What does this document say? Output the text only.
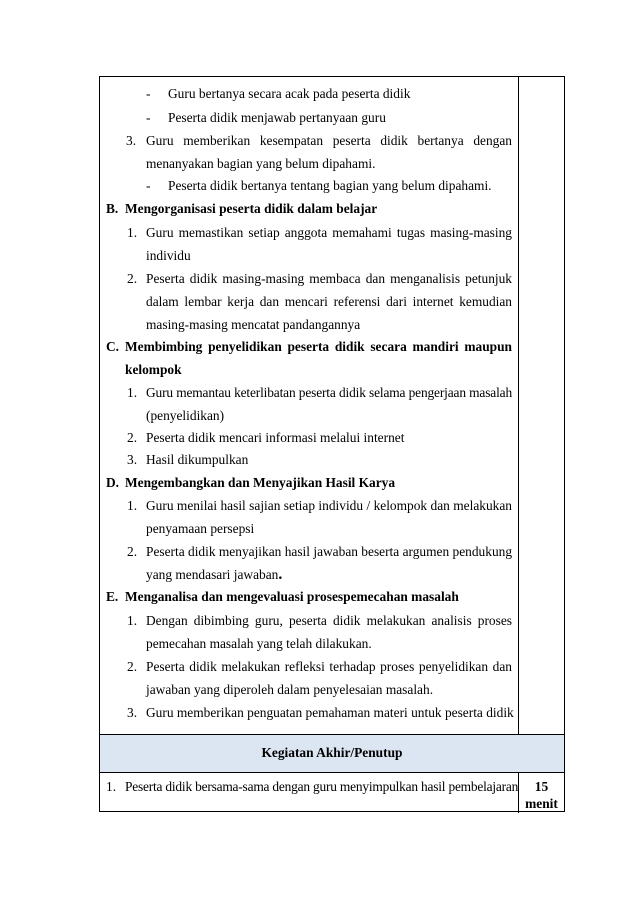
- Guru bertanya secara acak pada peserta didik
- Peserta didik menjawab pertanyaan guru
3. Guru memberikan kesempatan peserta didik bertanya dengan
menanyakan bagian yang belum dipahami.
- Peserta didik bertanya tentang bagian yang belum dipahami.
B. Mengorganisasi peserta didik dalam belajar
1. Guru memastikan setiap anggota memahami tugas masing-masing
individu
2. Peserta didik masing-masing membaca dan menganalisis petunjuk
dalam lembar kerja dan mencari referensi dari internet kemudian
masing-masing mencatat pandangannya
C. Membimbing penyelidikan peserta didik secara mandiri maupun
kelompok
1. Guru memantau keterlibatan peserta didik selama pengerjaan masalah
(penyelidikan)
2. Peserta didik mencari informasi melalui internet
3. Hasil dikumpulkan
D. Mengembangkan dan Menyajikan Hasil Karya
1. Guru menilai hasil sajian setiap individu / kelompok dan melakukan
penyamaan persepsi
2. Peserta didik menyajikan hasil jawaban beserta argumen pendukung
yang mendasari jawaban.
E. Menganalisa dan mengevaluasi prosespemecahan masalah
1. Dengan dibimbing guru, peserta didik melakukan analisis proses
pemecahan masalah yang telah dilakukan.
2. Peserta didik melakukan refleksi terhadap proses penyelidikan dan
jawaban yang diperoleh dalam penyelesaian masalah.
3. Guru memberikan penguatan pemahaman materi untuk peserta didik
Kegiatan Akhir/Penutup
1. Peserta didik bersama-sama dengan guru menyimpulkan hasil pembelajaran	15
menit
